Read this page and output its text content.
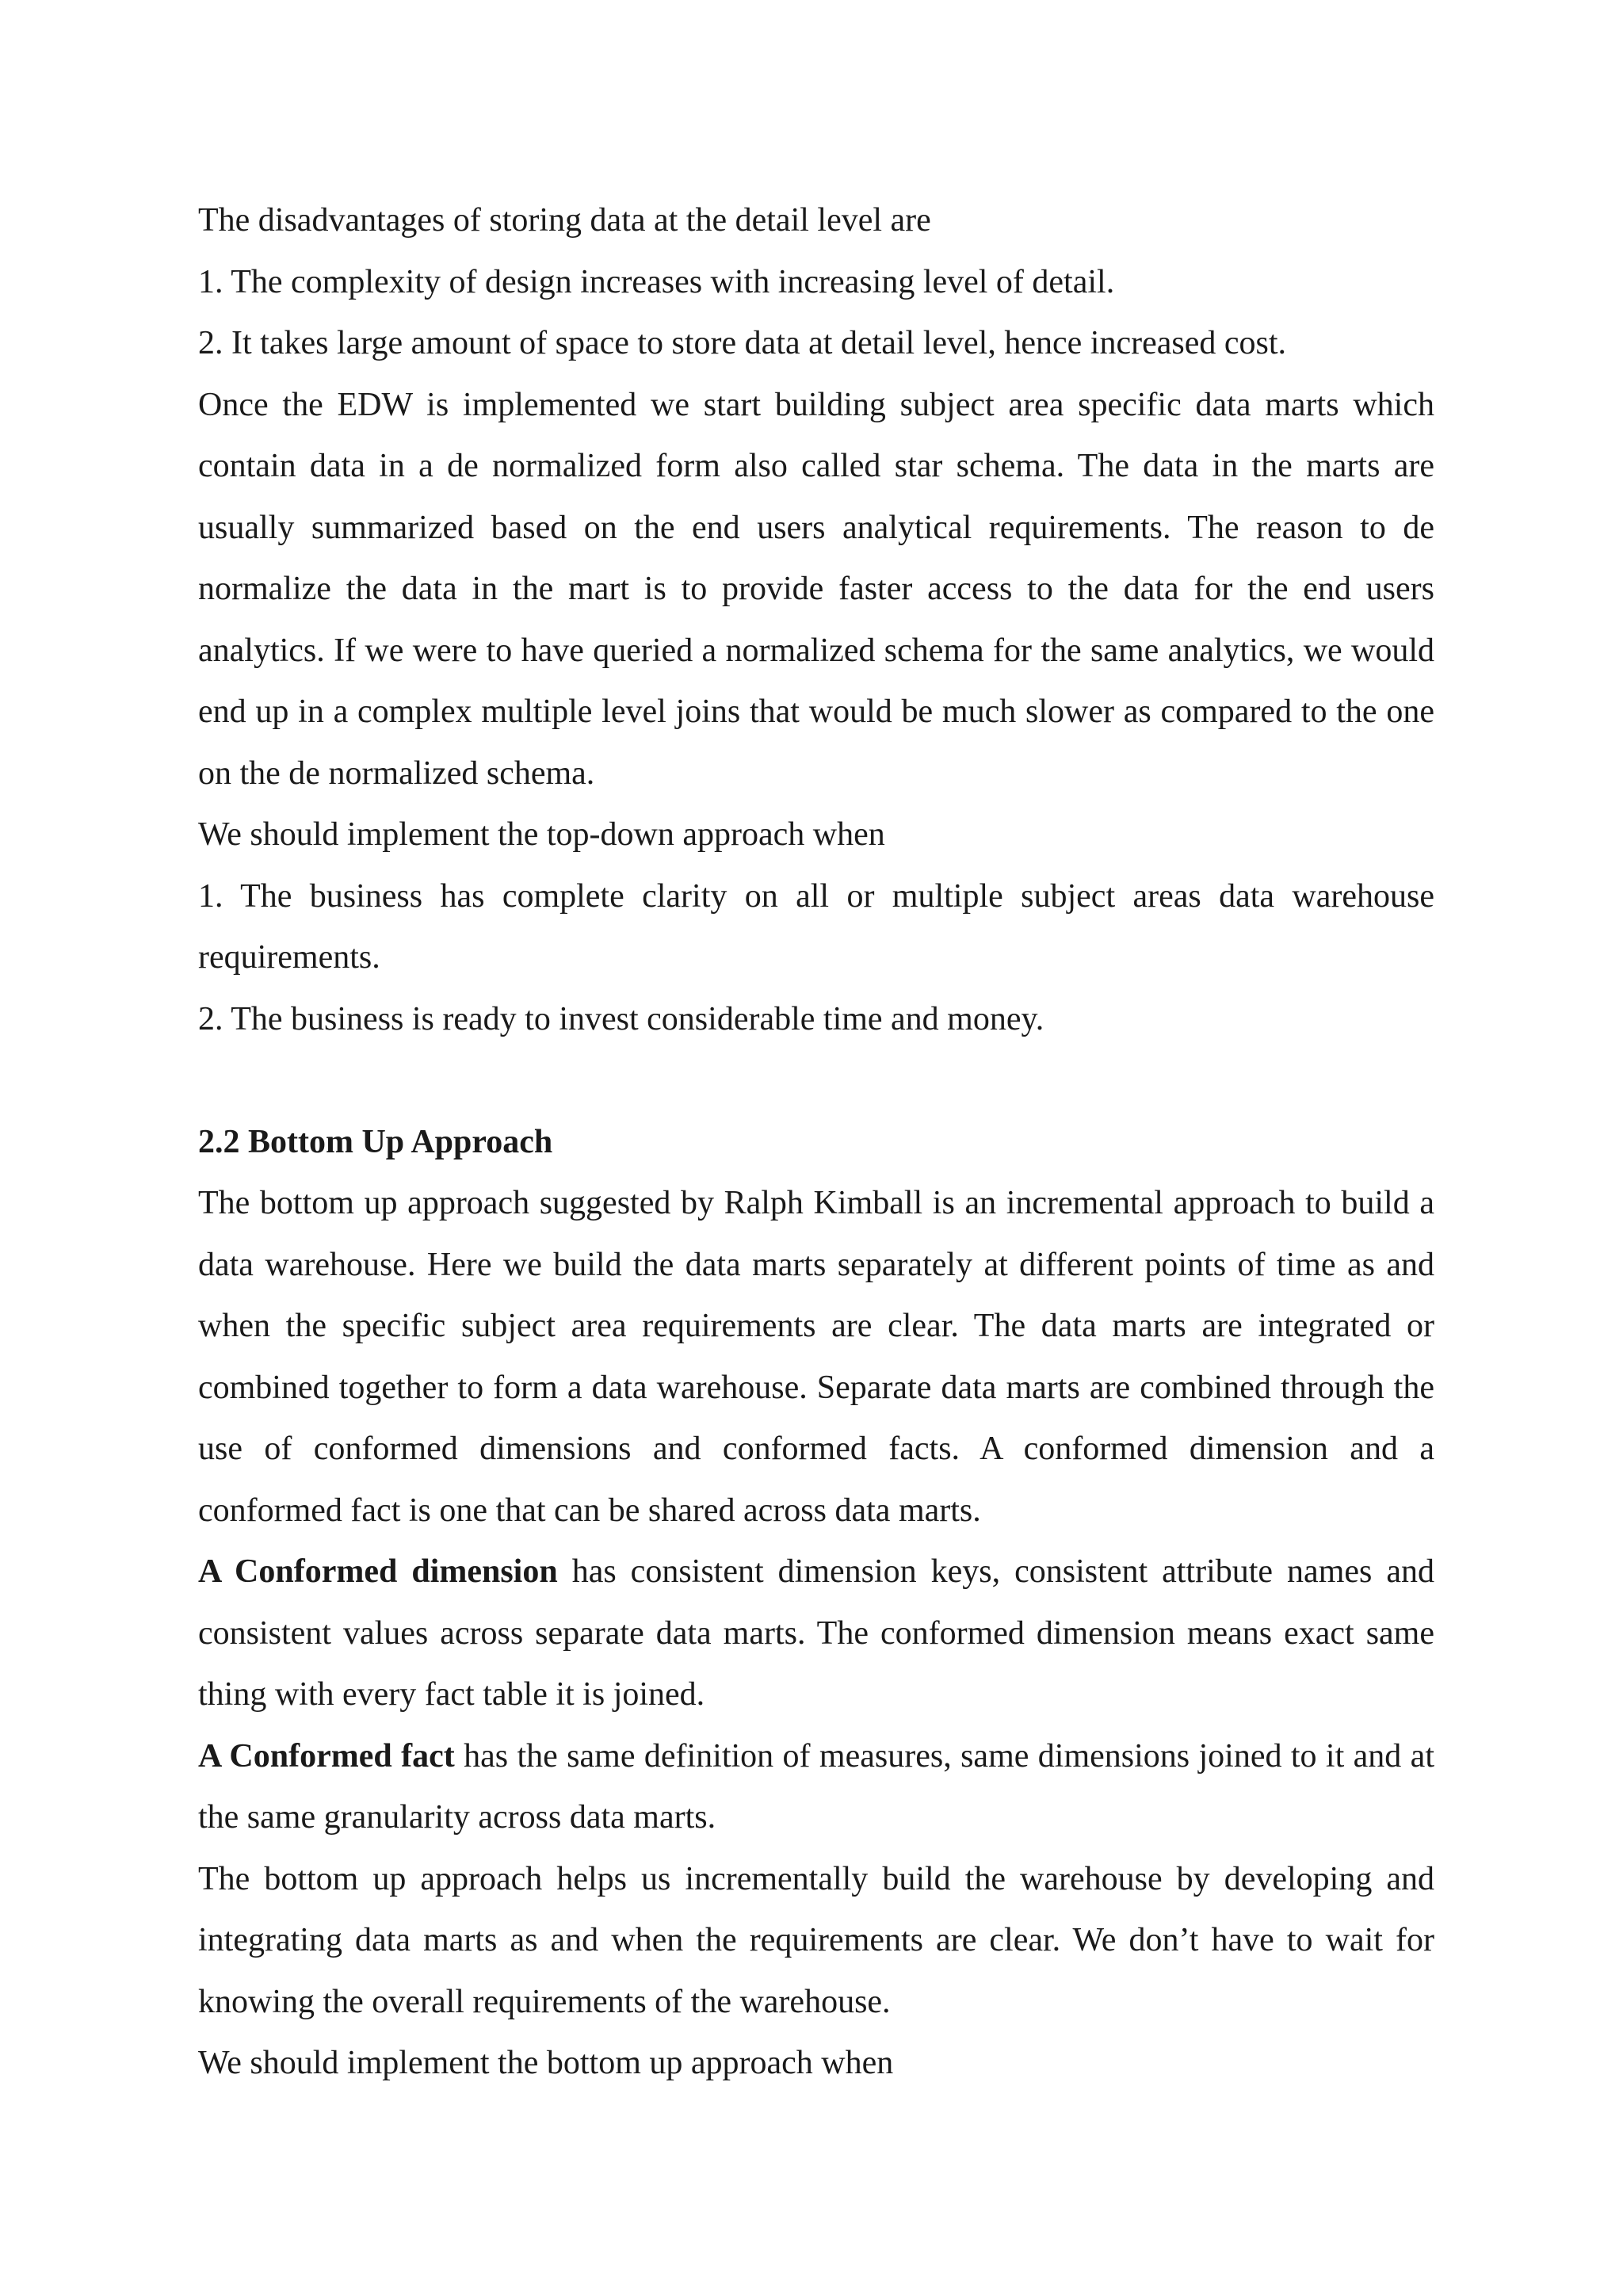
The disadvantages of storing data at the detail level are

1. The complexity of design increases with increasing level of detail.

2. It takes large amount of space to store data at detail level, hence increased cost.

Once the EDW is implemented we start building subject area specific data marts which contain data in a de normalized form also called star schema. The data in the marts are usually summarized based on the end users analytical requirements. The reason to de normalize the data in the mart is to provide faster access to the data for the end users analytics. If we were to have queried a normalized schema for the same analytics, we would end up in a complex multiple level joins that would be much slower as compared to the one on the de normalized schema.

We should implement the top-down approach when

1. The business has complete clarity on all or multiple subject areas data warehouse requirements.

2. The business is ready to invest considerable time and money.

2.2 Bottom Up Approach

The bottom up approach suggested by Ralph Kimball is an incremental approach to build a data warehouse. Here we build the data marts separately at different points of time as and when the specific subject area requirements are clear. The data marts are integrated or combined together to form a data warehouse. Separate data marts are combined through the use of conformed dimensions and conformed facts. A conformed dimension and a conformed fact is one that can be shared across data marts.

A Conformed dimension has consistent dimension keys, consistent attribute names and consistent values across separate data marts. The conformed dimension means exact same thing with every fact table it is joined.

A Conformed fact has the same definition of measures, same dimensions joined to it and at the same granularity across data marts.

The bottom up approach helps us incrementally build the warehouse by developing and integrating data marts as and when the requirements are clear. We don’t have to wait for knowing the overall requirements of the warehouse.

We should implement the bottom up approach when
